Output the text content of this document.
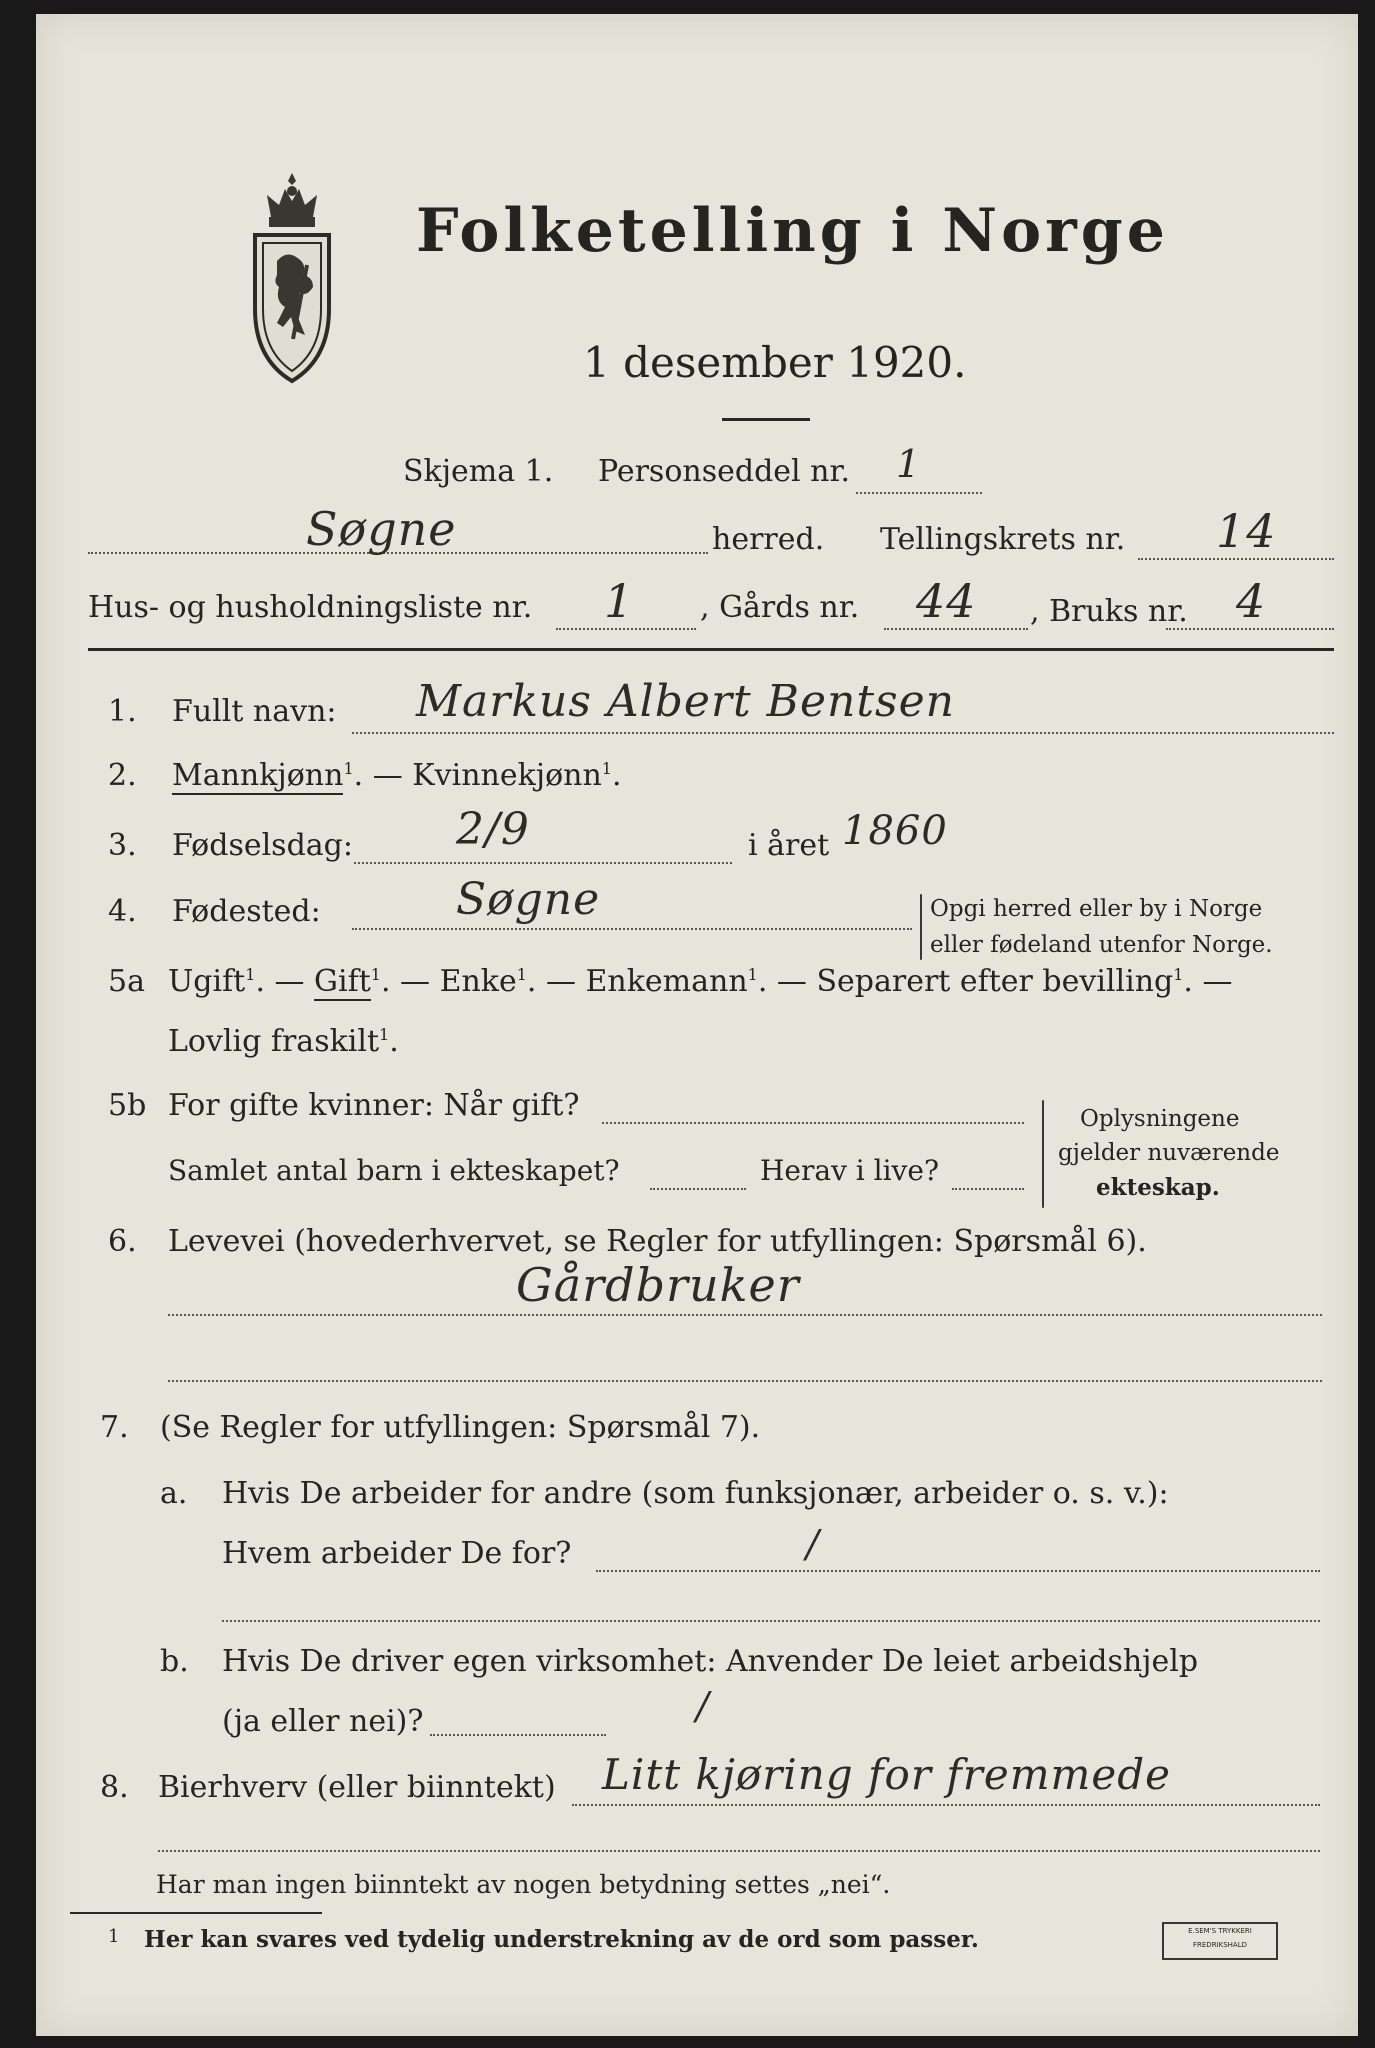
Folketelling i Norge
1 desember 1920.
Skjema 1. Personseddel nr. 1
Søgne	herred. Tellingskrets nr. 14
Hus- og husholdningsliste nr. 1 , Gårds nr. 44 , Bruks nr. 4
1. Fullt navn: Markus Albert Bentsen
2. Mannkjønn$^1$. — Kvinnekjønn$^1$.
3. Fødselsdag: 2/9	i året 1860
4. Fødested:	Søgne	Opgi herred eller by i Norge
eller fødeland utenfor Norge.
5a Ugift$^1$. — Gift$^1$. — Enke$^1$. — Enkemann$^1$. — Separert efter bevilling$^1$. —
Lovlig fraskilt$^1$.
5b For gifte kvinner: Når gift?
Samlet antal barn i ekteskapet?	Herav i live?
Oplysningene
gjelder nuværende
ekteskap.
6. Levevei (hovederhvervet, se Regler for utfyllingen: Spørsmål 6).
Gårdbruker
7. (Se Regler for utfyllingen: Spørsmål 7).
a. Hvis De arbeider for andre (som funksjonær, arbeider o. s. v.):
Hvem arbeider De for?	/
b. Hvis De driver egen virksomhet: Anvender De leiet arbeidshjelp
(ja eller nei)?	/
8. Bierhverv (eller biinntekt) Litt kjøring for fremmede
Har man ingen biinntekt av nogen betydning settes „nei“.
1 Her kan svares ved tydelig understrekning av de ord som passer.	E.SEM'S TRYKKERI
FREDRIKSHALD
